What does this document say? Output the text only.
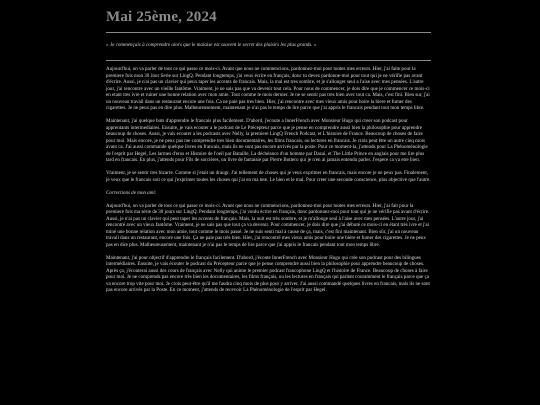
Mai 25ème, 2024
« Je commençais à comprendre alors que le malaise est souvent le secret des plaisirs les plus grands. »

Aujourd'hui, on va parler de tout ce qui passe ce mois-ci. Avant que nous ne commencions, pardonnez-moi pour toutes mes erreurs. Hier, j'ai faite pour la premiere fois mon 30 Jour Serie sur LingQ. Pendant longtemps, j'ai veux écrire en français, donc tu devez pardonne-moi pour tout qui je ne vérifie pas avant d'écrire. Aussi, je n'ai pas un clavier qui peux taper les accents de francais. Mais, la mal est tres sombre, et je s'allonger seul a l'aise avec mes pensées. L'autre jour, j'ai rencontre avec un vieille fantôme. Vraiment, je ne sais pas que va devenir tout cela. Pour nous de commencer, je dois dire que je commencer ce mois-ci en etant tres ivre et ruiner une bonne relation avec mon amie. Tout comme le mois dernier. Je ne se sentir pas tres bien avec tout ca. Mais, c'est fini. Bien sur, j'ai un nouveau travail dans un restaurant encore une fois. Ca ne paie pas tres bien. Hier, j'ai rencontre avec mes vieux amis pour boire la biere et fumer des cigarettes. Je ne peux pas en dire plus. Malheureusement, maintenant je n'ai pas le temps de lire parce que j'ai appris le francais pendant tout mon temps libre.

Maintenant, j'ai quelque buts d'apprendre le francais plus facilement. D'abord, j'ecoute a InnerFrench avec Monsieur Hugo qui creer son podcast pour apprentants intermediaires. Ensuite, je vais ecouter a le podcast de Le Précepteur parce que je pense en comprendre aussi bien la philosophie pour apprendre beaucoup de choses. Aussi, je vais ecouter a les podcasts avec Nelly, la premiere LingQ French Podcast, et L'histoire de France. Beaucoup de choses de faire pour moi. Mais encore, je ne peux pas me comprendre tres bien documentaires, les films francais, ou lectures en francais. Je crois peut être un autre cinq mois avant ca. J'ai aussi commande quelque livres en francais, mais ils ne sont pas encore arrivés par la poste. Pour ce moment-la, j'attends pour La Phénoménologie de l'esprit par Hegel, Les larmes d'eros et Histoire de l'oeil par Bataille, La déchéance d'un homme par Dazai, et The Little Prince en anglais pour me lire plus tard en francais. En plus, j'attends pour Fils de sorcières, un livre de fantaisie par Pierre Bottero qui je n'en ai jamais entendu parler. J'espere ca va etre bien.

Vraiment, je se sentir tres bizarre. Comme si j'etait un draugr. J'ai tellement de choses qui je veux exprimer en francais, mais encore je ne peux pas. Finalement, je veux que le francais soit ce qui j'exprimer toutes les choses qui j'ai en ma tete. Le bien et le mal. Pour creer une seconde conscience, plus objective que l'autre.

Corrections de mon ami:

Aujourd'hui, on va parler de tout ce qui passe ce mois-ci. Avant que nous ne commencions, pardonnez-moi pour toutes mes erreurs. Hier, j'ai fait pour la premiere fois ma série de 30 jours sur LingQ. Pendant longtemps, j'ai voulu écrire en français, donc pardonnez-moi pour tout qui je ne vérifie pas avant d'écrire. Aussi, je n'ai pas un clavier qui peut taper les accents de français. Mais, la nuit est très sombre, et je m'allonge seul à l'aise avec mes pensées. L'autre jour, j'ai rencontré avec un vieux fantôme. Vraiment, je ne sais pas que tout ça va devenir. Pour commencer, je dois dire que j'ai débuté ce mois-ci en étant très ivre et j'ai miné une bonne relation avec mon amie, tout comme le mois passé. Je ne suis senti mal à cause de ça, mais, c'est fini maintenant. Bien sûr, j'ai un nouveau travail dans un restaurant, encore une fois. Ça ne paie pas très bien. Hier, j'ai rencontré mes vieux amis pour boire une bière et fumer des cigarettes. Je ne peux pas en dire plus. Malheureusement, maintenant je n'ai pas le temps de lire parce que j'ai appris le francais pendant tout mon temps libre.

Maintenant, j'ai pour objectif d'apprendre le français facilement. D'abord, j'écoute InnerFrench avec Monsieur Hugo qui crée son podcast pour des bilingues intermédiaires. Ensuite, je vais écouter le podcast du Précepteur parce que je pense comprendre aussi bien la philosophie pour apprendre beaucoup de choses. Après ça, j'écouterai aussi des cours de français avec Nelly qui anime le premier podcast francophone LingQ et l'histoire de France. Beaucoup de choses à faire pour moi. Je ne comprends pas encore très bien les documentaires, les films français, ou les lectures en français qui parlent couramment le français parce que ça va encore trop vite pour moi. Je crois peut-être qu'il me faudra cinq mois de plus pour y arriver. J'ai aussi commandé quelques livres en francais, mais ils ne sont pas encore arrivés par la Poste. En ce moment, j'attends de recevoir La Phénoménologie de l'esprit par Hegel.
